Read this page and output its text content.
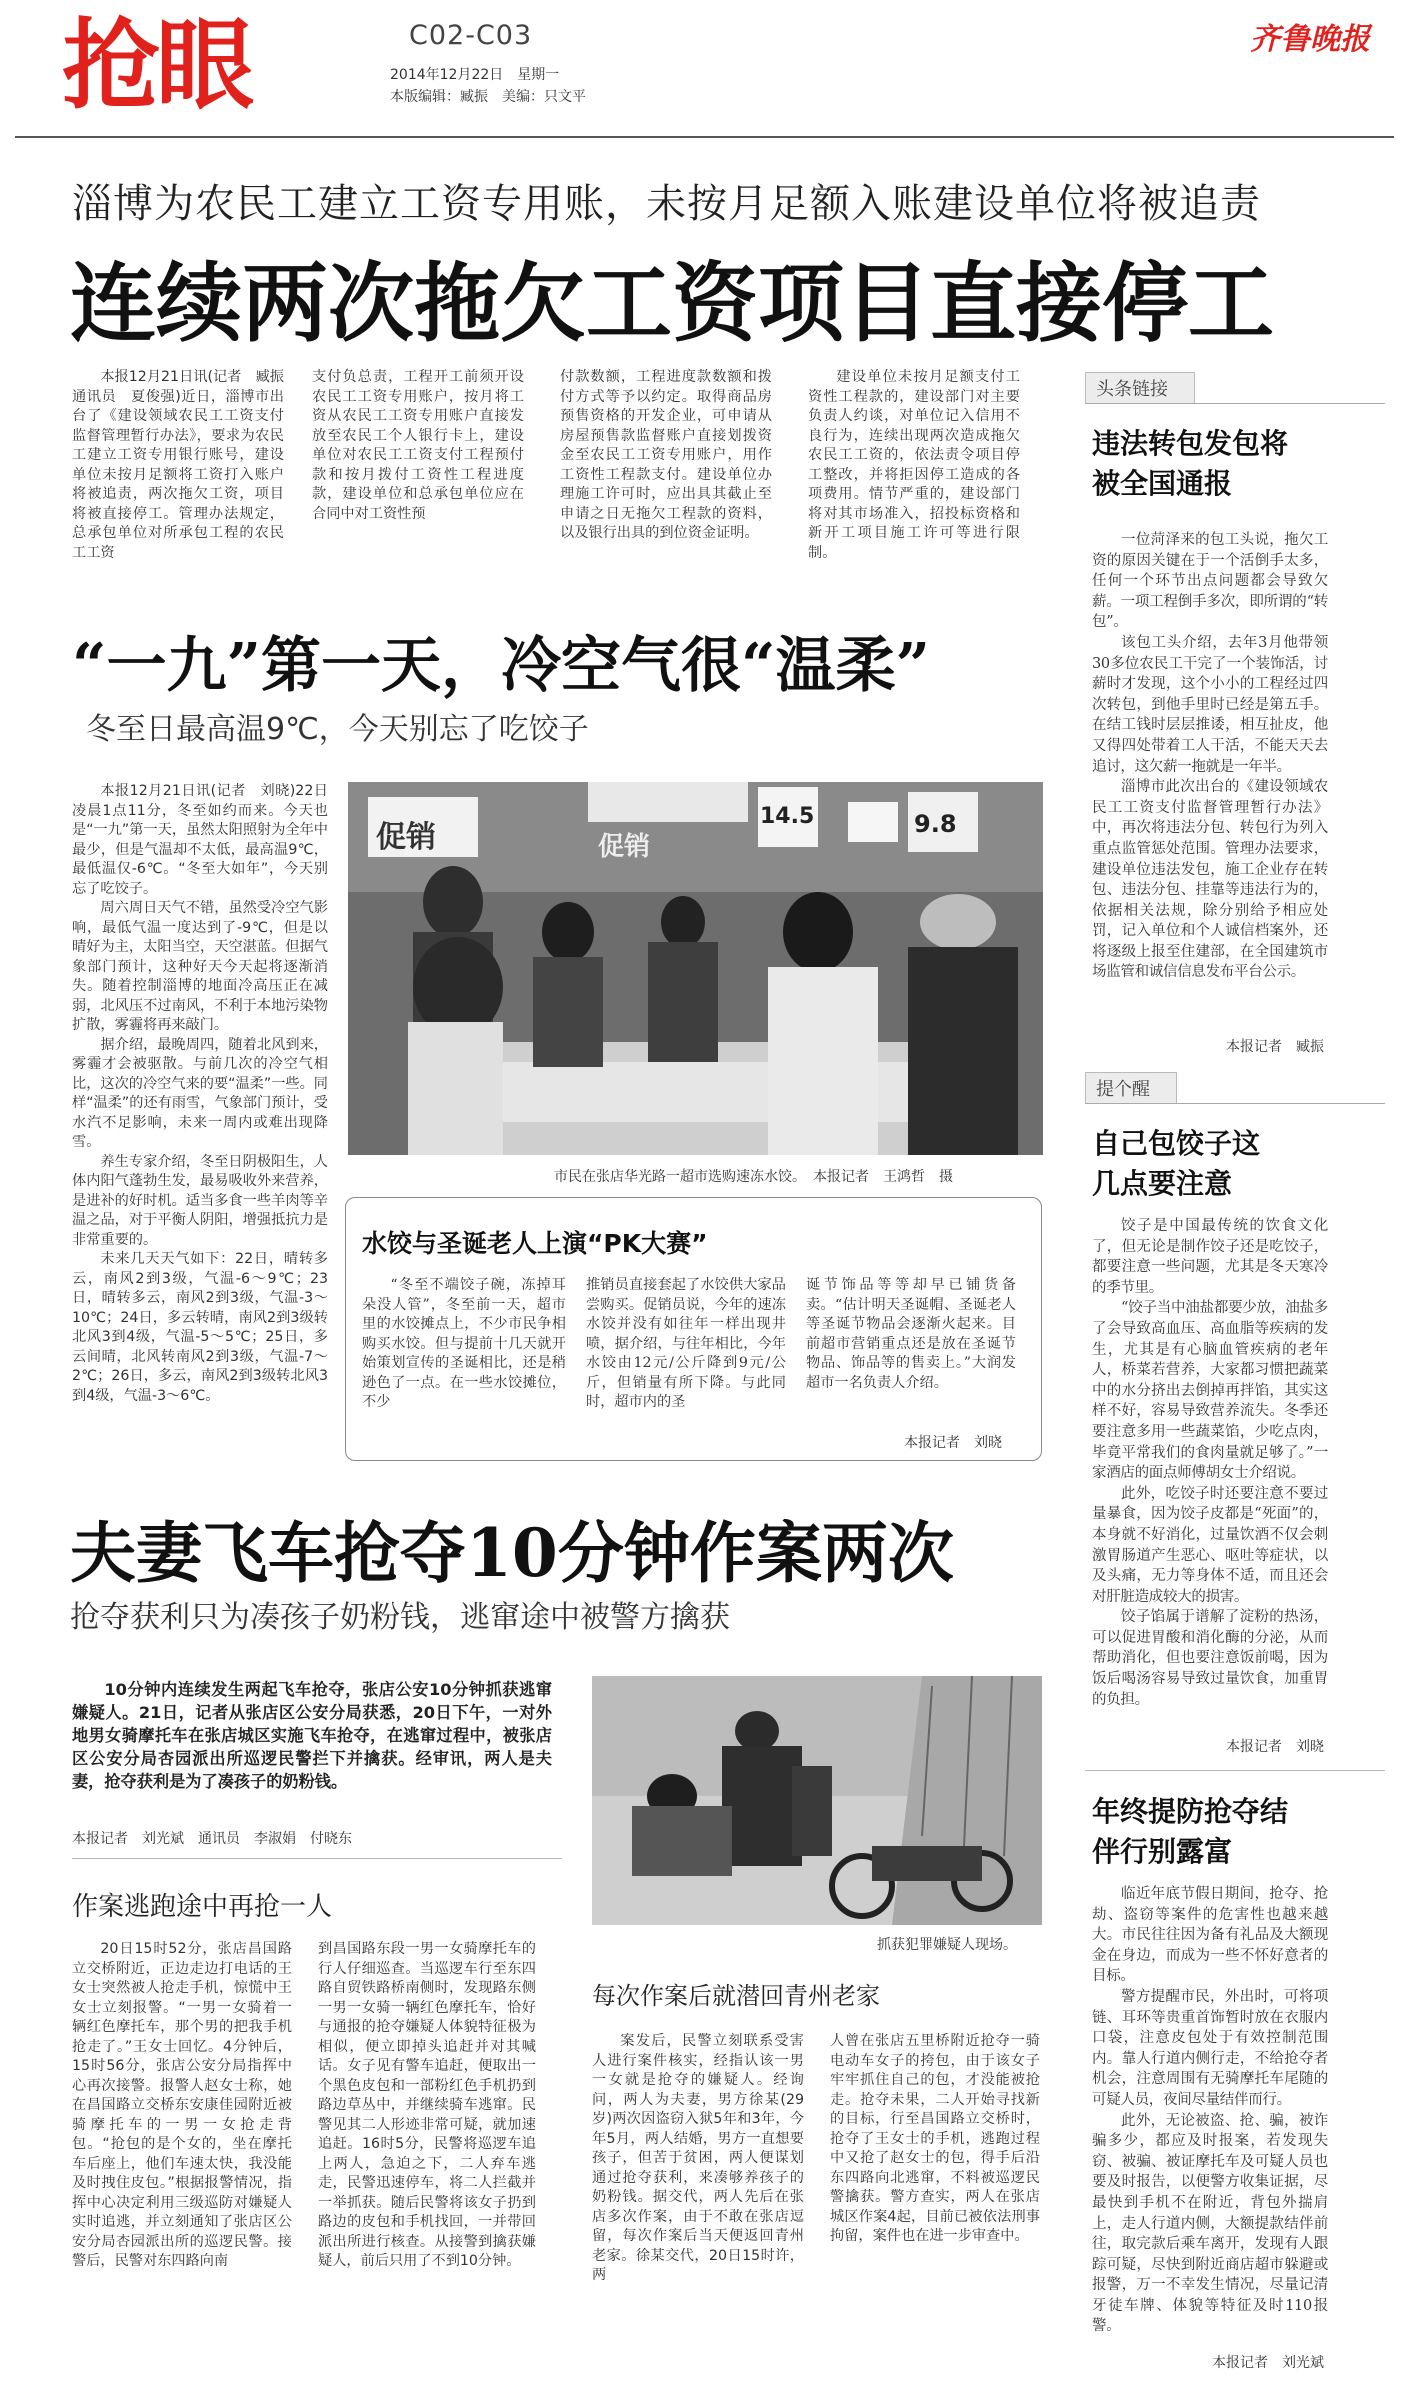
抢眼	C02-C03
2014年12月22日　星期一
本版编辑：臧振　美编：只文平
齐鲁晚报
淄博为农民工建立工资专用账，未按月足额入账建设单位将被追责
连续两次拖欠工资项目直接停工

本报12月21日讯(记者　臧振　通讯员　夏俊强)近日，淄博市出台了《建设领域农民工工资支付监督管理暂行办法》，要求为农民工建立工资专用银行账号，建设单位未按月足额将工资打入账户将被追责，两次拖欠工资，项目将被直接停工。管理办法规定，总承包单位对所承包工程的农民工工资

支付负总责，工程开工前须开设农民工工资专用账户，按月将工资从农民工工资专用账户直接发放至农民工个人银行卡上，建设单位对农民工工资支付工程预付款和按月拨付工资性工程进度款，建设单位和总承包单位应在合同中对工资性预

付款数额，工程进度款数额和拨付方式等予以约定。取得商品房预售资格的开发企业，可申请从房屋预售款监督账户直接划拨资金至农民工工资专用账户，用作工资性工程款支付。建设单位办理施工许可时，应出具其截止至申请之日无拖欠工程款的资料，以及银行出具的到位资金证明。

建设单位未按月足额支付工资性工程款的，建设部门对主要负责人约谈，对单位记入信用不良行为，连续出现两次造成拖欠农民工工资的，依法责令项目停工整改，并将拒因停工造成的各项费用。情节严重的，建设部门将对其市场准入，招投标资格和新开工项目施工许可等进行限制。

“一九”第一天，冷空气很“温柔”
冬至日最高温9℃，今天别忘了吃饺子

本报12月21日讯(记者　刘晓)22日凌晨1点11分，冬至如约而来。今天也是“一九”第一天，虽然太阳照射为全年中最少，但是气温却不太低，最高温9℃，最低温仅-6℃。“冬至大如年”，今天别忘了吃饺子。

周六周日天气不错，虽然受冷空气影响，最低气温一度达到了-9℃，但是以晴好为主，太阳当空，天空湛蓝。但据气象部门预计，这种好天今天起将逐渐消失。随着控制淄博的地面冷高压正在减弱，北风压不过南风，不利于本地污染物扩散，雾霾将再来敲门。

据介绍，最晚周四，随着北风到来，雾霾才会被驱散。与前几次的冷空气相比，这次的冷空气来的要“温柔”一些。同样“温柔”的还有雨雪，气象部门预计，受水汽不足影响，未来一周内或难出现降雪。

养生专家介绍，冬至日阴极阳生，人体内阳气蓬勃生发，最易吸收外来营养，是进补的好时机。适当多食一些羊肉等辛温之品，对于平衡人阴阳，增强抵抗力是非常重要的。

未来几天天气如下：22日，晴转多云，南风2到3级，气温-6～9℃；23日，晴转多云，南风2到3级，气温-3～10℃；24日，多云转晴，南风2到3级转北风3到4级，气温-5～5℃；25日，多云间晴，北风转南风2到3级，气温-7～2℃；26日，多云，南风2到3级转北风3到4级，气温-3～6℃。

促销	促销
14.5	9.8
市民在张店华光路一超市选购速冻水饺。　本报记者　王鸿哲　摄
水饺与圣诞老人上演“PK大赛”

“冬至不端饺子碗，冻掉耳朵没人管”，冬至前一天，超市里的水饺摊点上，不少市民争相购买水饺。但与提前十几天就开始策划宣传的圣诞相比，还是稍逊色了一点。在一些水饺摊位，不少

推销员直接套起了水饺供大家品尝购买。促销员说，今年的速冻水饺并没有如往年一样出现井喷，据介绍，与往年相比，今年水饺由12元/公斤降到9元/公斤，但销量有所下降。与此同时，超市内的圣

诞节饰品等等却早已铺货备卖。“估计明天圣诞帽、圣诞老人等圣诞节物品会逐渐火起来。目前超市营销重点还是放在圣诞节物品、饰品等的售卖上。”大润发超市一名负责人介绍。

本报记者　刘晓
夫妻飞车抢夺10分钟作案两次
抢夺获利只为凑孩子奶粉钱，逃窜途中被警方擒获
10分钟内连续发生两起飞车抢夺，张店公安10分钟抓获逃窜嫌疑人。21日，记者从张店区公安分局获悉，20日下午，一对外地男女骑摩托车在张店城区实施飞车抢夺，在逃窜过程中，被张店区公安分局杏园派出所巡逻民警拦下并擒获。经审讯，两人是夫妻，抢夺获利是为了凑孩子的奶粉钱。
本报记者　刘光斌　通讯员　李淑娟　付晓东
作案逃跑途中再抢一人

20日15时52分，张店昌国路立交桥附近，正边走边打电话的王女士突然被人抢走手机，惊慌中王女士立刻报警。“一男一女骑着一辆红色摩托车，那个男的把我手机抢走了。”王女士回忆。4分钟后，15时56分，张店公安分局指挥中心再次接警。报警人赵女士称，她在昌国路立交桥东安康佳园附近被骑摩托车的一男一女抢走背包。“抢包的是个女的，坐在摩托车后座上，他们车速太快，我没能及时拽住皮包。”根据报警情况，指挥中心决定利用三级巡防对嫌疑人实时追逃，并立刻通知了张店区公安分局杏园派出所的巡逻民警。接警后，民警对东四路向南

到昌国路东段一男一女骑摩托车的行人仔细巡查。当巡逻车行至东四路自贸铁路桥南侧时，发现路东侧一男一女骑一辆红色摩托车，恰好与通报的抢夺嫌疑人体貌特征极为相似，便立即掉头追赶并对其喊话。女子见有警车追赶，便取出一个黑色皮包和一部粉红色手机扔到路边草丛中，并继续骑车逃窜。民警见其二人形迹非常可疑，就加速追赶。16时5分，民警将巡逻车追上两人，急迫之下，二人弃车逃走，民警迅速停车，将二人拦截并一举抓获。随后民警将该女子扔到路边的皮包和手机找回，一并带回派出所进行核查。从接警到擒获嫌疑人，前后只用了不到10分钟。

抓获犯罪嫌疑人现场。
每次作案后就潜回青州老家

案发后，民警立刻联系受害人进行案件核实，经指认该一男一女就是抢夺的嫌疑人。经询问，两人为夫妻，男方徐某(29岁)两次因盗窃入狱5年和3年，今年5月，两人结婚，男方一直想要孩子，但苦于贫困，两人便谋划通过抢夺获利，来凑够养孩子的奶粉钱。据交代，两人先后在张店多次作案，由于不敢在张店逗留，每次作案后当天便返回青州老家。徐某交代，20日15时许，两

人曾在张店五里桥附近抢夺一骑电动车女子的挎包，由于该女子牢牢抓住自己的包，才没能被抢走。抢夺未果，二人开始寻找新的目标，行至昌国路立交桥时，抢夺了王女士的手机，逃跑过程中又抢了赵女士的包，得手后沿东四路向北逃窜，不料被巡逻民警擒获。警方查实，两人在张店城区作案4起，目前已被依法刑事拘留，案件也在进一步审查中。

头条链接
违法转包发包将被全国通报

一位菏泽来的包工头说，拖欠工资的原因关键在于一个活倒手太多，任何一个环节出点问题都会导致欠薪。一项工程倒手多次，即所谓的“转包”。

该包工头介绍，去年3月他带领30多位农民工干完了一个装饰活，讨薪时才发现，这个小小的工程经过四次转包，到他手里时已经是第五手。在结工钱时层层推诿，相互扯皮，他又得四处带着工人干活，不能天天去追讨，这欠薪一拖就是一年半。

淄博市此次出台的《建设领域农民工工资支付监督管理暂行办法》中，再次将违法分包、转包行为列入重点监管惩处范围。管理办法要求，建设单位违法发包，施工企业存在转包、违法分包、挂靠等违法行为的，依据相关法规，除分别给予相应处罚，记入单位和个人诚信档案外，还将逐级上报至住建部，在全国建筑市场监管和诚信信息发布平台公示。

本报记者　臧振
提个醒
自己包饺子这几点要注意

饺子是中国最传统的饮食文化了，但无论是制作饺子还是吃饺子，都要注意一些问题，尤其是冬天寒冷的季节里。

“饺子当中油盐都要少放，油盐多了会导致高血压、高血脂等疾病的发生，尤其是有心脑血管疾病的老年人，桥菜若营养，大家都习惯把蔬菜中的水分挤出去倒掉再拌馅，其实这样不好，容易导致营养流失。冬季还要注意多用一些蔬菜馅，少吃点肉，毕竟平常我们的食肉量就足够了。”一家酒店的面点师傅胡女士介绍说。

此外，吃饺子时还要注意不要过量暴食，因为饺子皮都是“死面”的，本身就不好消化，过量饮酒不仅会刺激胃肠道产生恶心、呕吐等症状，以及头痛，无力等身体不适，而且还会对肝脏造成较大的损害。

饺子馅属于谱解了淀粉的热汤，可以促进胃酸和消化酶的分泌，从而帮助消化，但也要注意饭前喝，因为饭后喝汤容易导致过量饮食，加重胃的负担。

本报记者　刘晓
年终提防抢夺结伴行别露富

临近年底节假日期间，抢夺、抢劫、盗窃等案件的危害性也越来越大。市民往往因为备有礼品及大额现金在身边，而成为一些不怀好意者的目标。

警方提醒市民，外出时，可将项链、耳环等贵重首饰暂时放在衣服内口袋，注意皮包处于有效控制范围内。靠人行道内侧行走，不给抢夺者机会，注意周围有无骑摩托车尾随的可疑人员，夜间尽量结伴而行。

此外，无论被盗、抢、骗，被诈骗多少，都应及时报案，若发现失窃、被骗、被证摩托车及可疑人员也要及时报告，以便警方收集证据，尽最快到手机不在附近，背包外揣肩上，走人行道内侧，大额提款结伴前往，取完款后乘车离开，发现有人跟踪可疑，尽快到附近商店超市躲避或报警，万一不幸发生情况，尽量记清牙徒车牌、体貌等特征及时110报警。

本报记者　刘光斌
